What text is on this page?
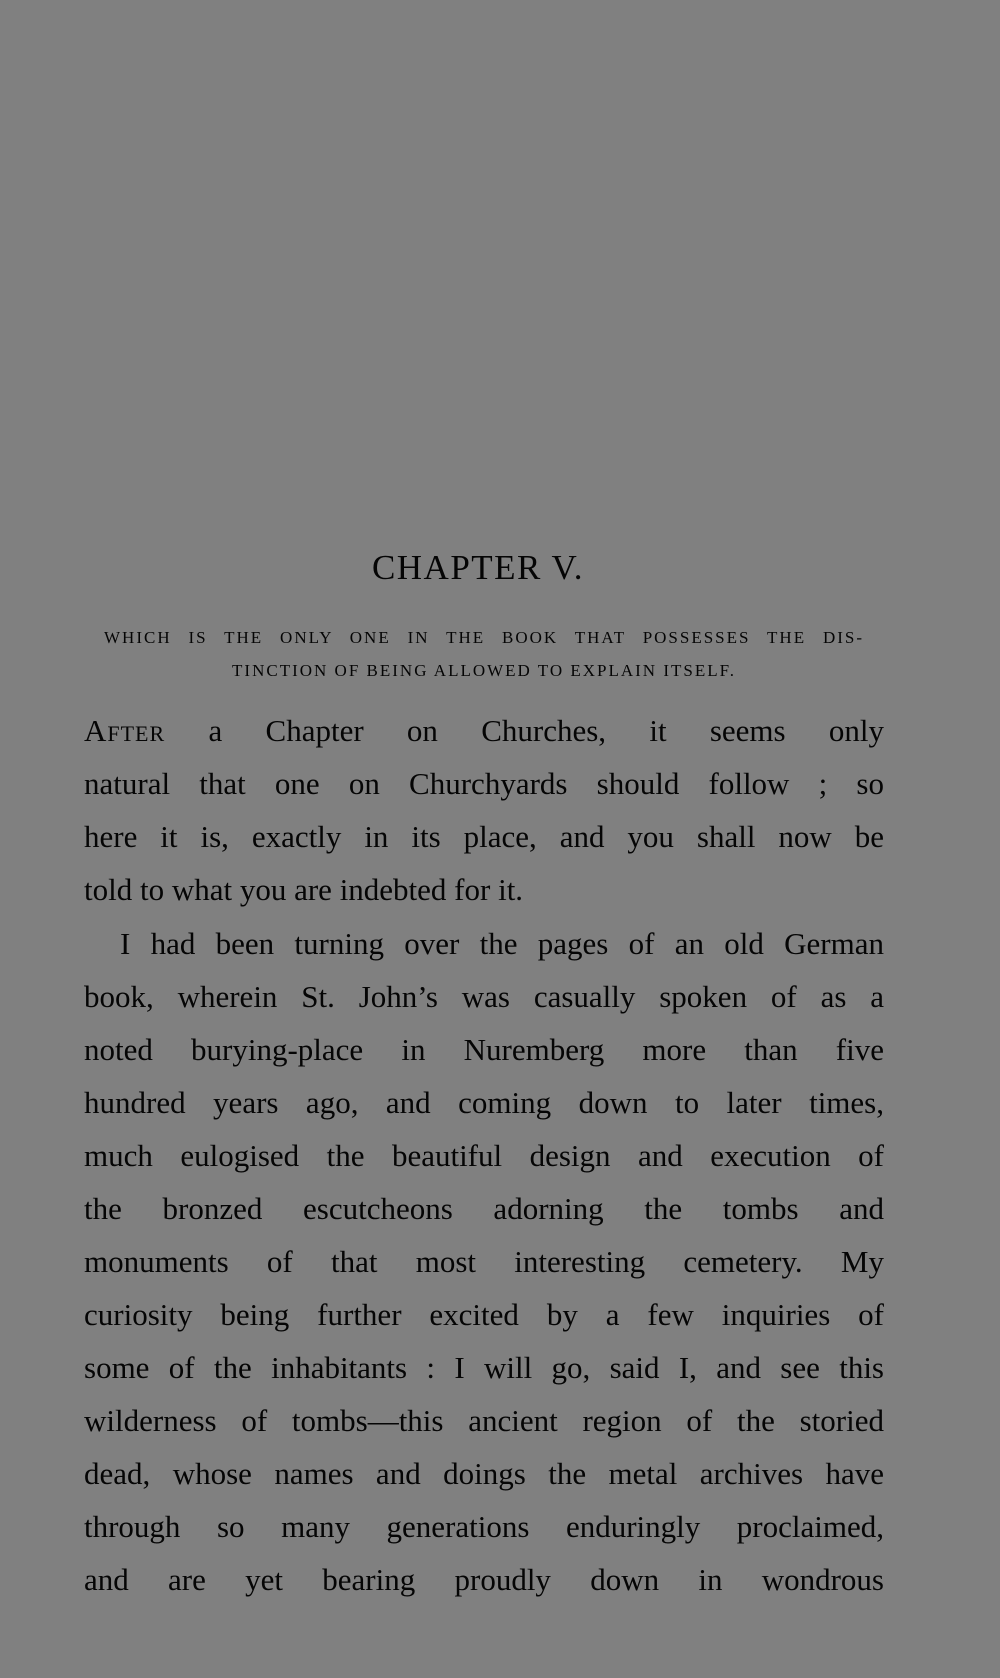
CHAPTER V.
WHICH IS THE ONLY ONE IN THE BOOK THAT POSSESSES THE DIS-
TINCTION OF BEING ALLOWED TO EXPLAIN ITSELF.
After a Chapter on Churches, it seems only
natural that one on Churchyards should follow ; so
here it is, exactly in its place, and you shall now be
told to what you are indebted for it.
I had been turning over the pages of an old German
book, wherein St. John’s was casually spoken of as a
noted burying-place in Nuremberg more than five
hundred years ago, and coming down to later times,
much eulogised the beautiful design and execution of
the bronzed escutcheons adorning the tombs and
monuments of that most interesting cemetery. My
curiosity being further excited by a few inquiries of
some of the inhabitants : I will go, said I, and see this
wilderness of tombs—this ancient region of the storied
dead, whose names and doings the metal archives have
through so many generations enduringly proclaimed,
and are yet bearing proudly down in wondrous
